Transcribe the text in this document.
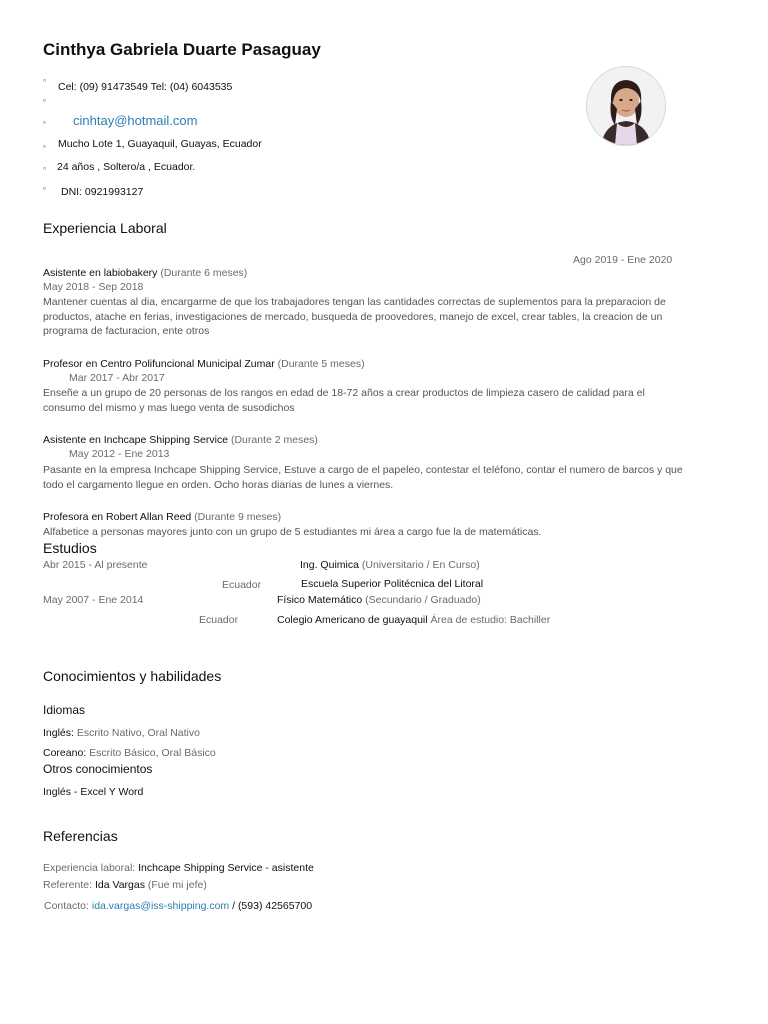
Cinthya Gabriela Duarte Pasaguay
▫
Cel: (09) 91473549 Tel: (04) 6043535
▫
▫ cinhtay@hotmail.com
▫ Mucho Lote 1, Guayaquil, Guayas, Ecuador
▫ 24 años , Soltero/a , Ecuador.
▫ DNI: 0921993127
Experiencia Laboral
Ago 2019 - Ene 2020
Asistente en labiobakery (Durante 6 meses)
May 2018 - Sep 2018
Mantener cuentas al dia, encargarme de que los trabajadores tengan las cantidades correctas de suplementos para la preparacion de productos, atache en ferias, investigaciones de mercado, busqueda de proovedores, manejo de excel, crear tables, la creacion de un programa de facturacion, ente otros
Profesor en Centro Polifuncional Municipal Zumar (Durante 5 meses)
Mar 2017 - Abr 2017
Enseñe a un grupo de 20 personas de los rangos en edad de 18-72 años a crear productos de limpieza casero de calidad para el consumo del mismo y mas luego venta de susodichos
Asistente en Inchcape Shipping Service (Durante 2 meses)
May 2012 - Ene 2013
Pasante en la empresa Inchcape Shipping Service, Estuve a cargo de el papeleo, contestar el teléfono, contar el numero de barcos y que todo el cargamento llegue en orden. Ocho horas diarias de lunes a viernes.
Profesora en Robert Allan Reed (Durante 9 meses)
Alfabetice a personas mayores junto con un grupo de 5 estudiantes mi área a cargo fue la de matemáticas.
Estudios
Abr 2015 - Al presente	Ing. Quimica (Universitario / En Curso)
Ecuador	Escuela Superior Politécnica del Litoral
May 2007 - Ene 2014	Físico Matemático (Secundario / Graduado)
Ecuador	Colegio Americano de guayaquil Área de estudio: Bachiller
Conocimientos y habilidades
Idiomas
Inglés: Escrito Nativo, Oral Nativo
Coreano: Escrito Básico, Oral Básico
Otros conocimientos
Inglés - Excel Y Word
Referencias
Experiencia laboral: Inchcape Shipping Service - asistente
Referente: Ida Vargas (Fue mi jefe)
Contacto: ida.vargas@iss-shipping.com / (593) 42565700
